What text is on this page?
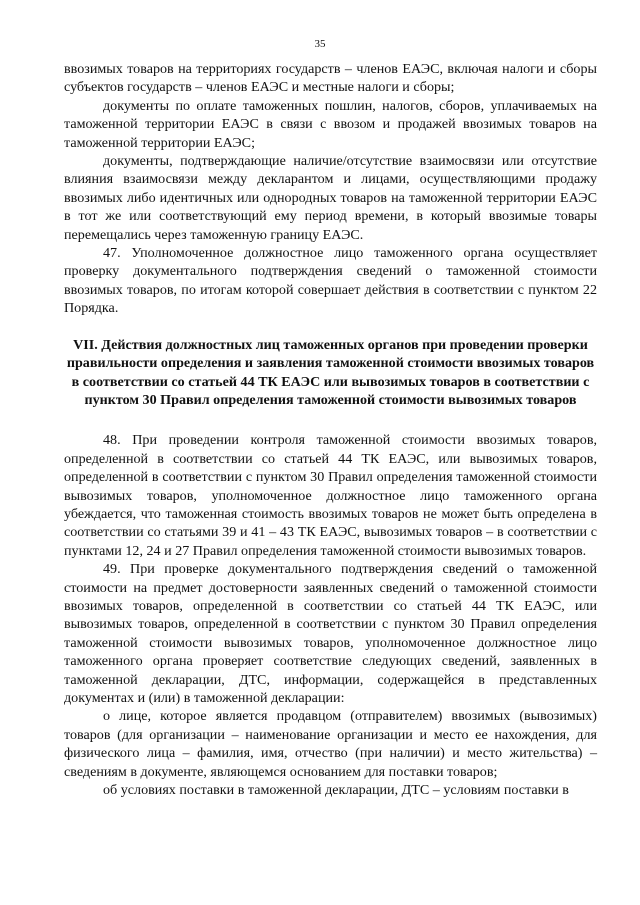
35

ввозимых товаров на территориях государств – членов ЕАЭС, включая налоги и сборы субъектов государств – членов ЕАЭС и местные налоги и сборы;

документы по оплате таможенных пошлин, налогов, сборов, уплачиваемых на таможенной территории ЕАЭС в связи с ввозом и продажей ввозимых товаров на таможенной территории ЕАЭС;

документы, подтверждающие наличие/отсутствие взаимосвязи или отсутствие влияния взаимосвязи между декларантом и лицами, осуществляющими продажу ввозимых либо идентичных или однородных товаров на таможенной территории ЕАЭС в тот же или соответствующий ему период времени, в который ввозимые товары перемещались через таможенную границу ЕАЭС.

47. Уполномоченное должностное лицо таможенного органа осуществляет проверку документального подтверждения сведений о таможенной стоимости ввозимых товаров, по итогам которой совершает действия в соответствии с пунктом 22 Порядка.

VII. Действия должностных лиц таможенных органов при проведении проверки правильности определения и заявления таможенной стоимости ввозимых товаров в соответствии со статьей 44 ТК ЕАЭС или вывозимых товаров в соответствии с пунктом 30 Правил определения таможенной стоимости вывозимых товаров

48. При проведении контроля таможенной стоимости ввозимых товаров, определенной в соответствии со статьей 44 ТК ЕАЭС, или вывозимых товаров, определенной в соответствии с пунктом 30 Правил определения таможенной стоимости вывозимых товаров, уполномоченное должностное лицо таможенного органа убеждается, что таможенная стоимость ввозимых товаров не может быть определена в соответствии со статьями 39 и 41 – 43 ТК ЕАЭС, вывозимых товаров – в соответствии с пунктами 12, 24 и 27 Правил определения таможенной стоимости вывозимых товаров.

49. При проверке документального подтверждения сведений о таможенной стоимости на предмет достоверности заявленных сведений о таможенной стоимости ввозимых товаров, определенной в соответствии со статьей 44 ТК ЕАЭС, или вывозимых товаров, определенной в соответствии с пунктом 30 Правил определения таможенной стоимости вывозимых товаров, уполномоченное должностное лицо таможенного органа проверяет соответствие следующих сведений, заявленных в таможенной декларации, ДТС, информации, содержащейся в представленных документах и (или) в таможенной декларации:

о лице, которое является продавцом (отправителем) ввозимых (вывозимых) товаров (для организации – наименование организации и место ее нахождения, для физического лица – фамилия, имя, отчество (при наличии) и место жительства) – сведениям в документе, являющемся основанием для поставки товаров;

об условиях поставки в таможенной декларации, ДТС – условиям поставки в
